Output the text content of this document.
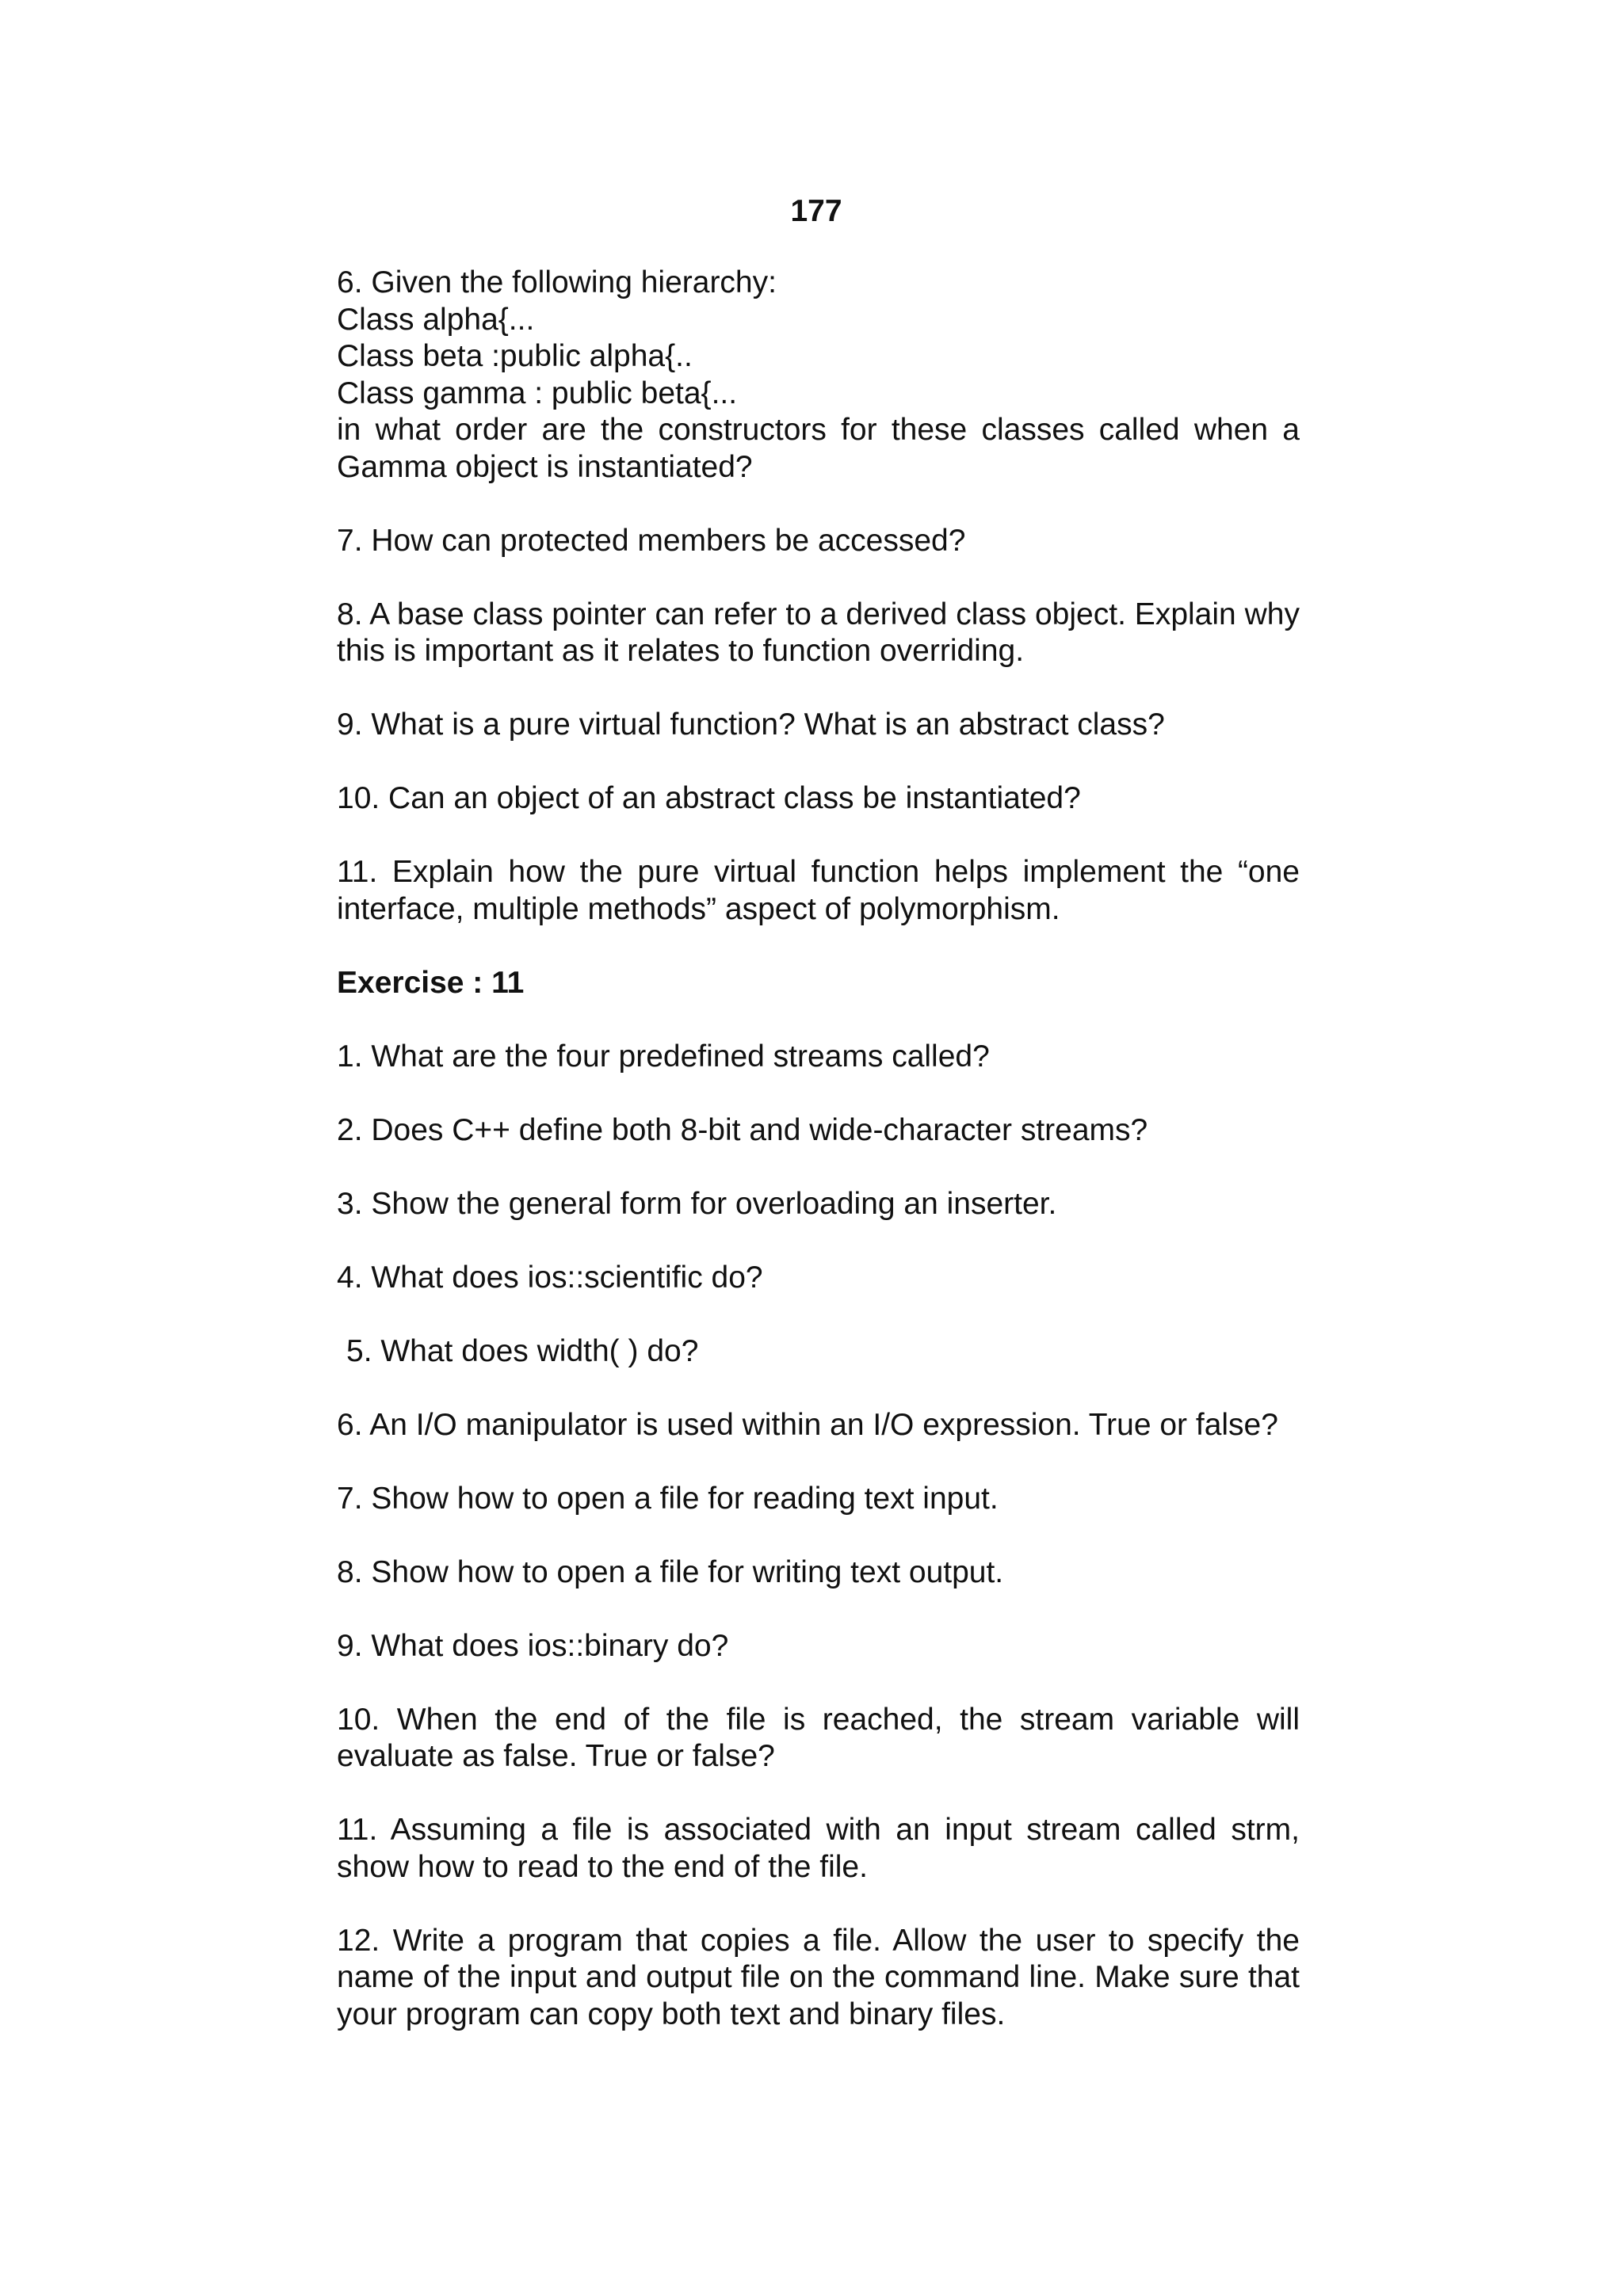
177

6. Given the following hierarchy:

Class alpha{...

Class beta :public alpha{..

Class gamma : public beta{...

in what order are the constructors for these classes called when a Gamma object is instantiated?

7. How can protected members be accessed?
8. A base class pointer can refer to a derived class object. Explain why this is important as it relates to function overriding.
9. What is a pure virtual function? What is an abstract class?
10. Can an object of an abstract class be instantiated?
11. Explain how the pure virtual function helps implement the “one interface, multiple methods” aspect of polymorphism.
Exercise : 11
1. What are the four predefined streams called?
2. Does C++ define both 8-bit and wide-character streams?
3. Show the general form for overloading an inserter.
4. What does ios::scientific do?
5. What does width( ) do?
6. An I/O manipulator is used within an I/O expression. True or false?
7. Show how to open a file for reading text input.
8. Show how to open a file for writing text output.
9. What does ios::binary do?
10. When the end of the file is reached, the stream variable will evaluate as false. True or false?
11. Assuming a file is associated with an input stream called strm, show how to read to the end of the file.
12. Write a program that copies a file. Allow the user to specify the name of the input and output file on the command line. Make sure that your program can copy both text and binary files.
